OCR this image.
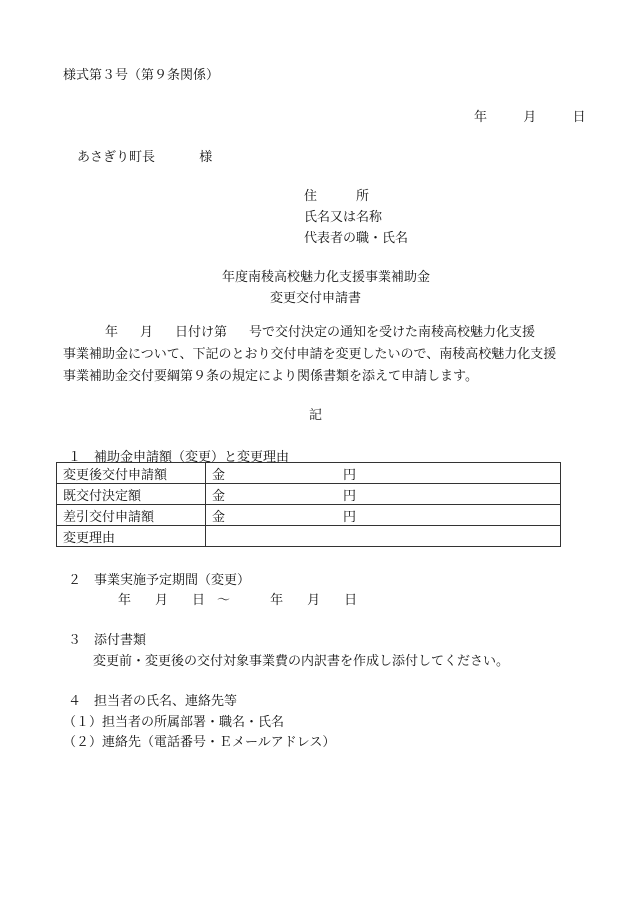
様式第３号（第９条関係）
年	月	日
あさぎり町長	様
住　　　所
氏名又は名称
代表者の職・氏名
年度南稜高校魅力化支援事業補助金
変更交付申請書
年 月 日付け第 号で交付決定の通知を受けた南稜高校魅力化支援
事業補助金について、下記のとおり交付申請を変更したいので、南稜高校魅力化支援
事業補助金交付要綱第９条の規定により関係書類を添えて申請します。
記
１　補助金申請額（変更）と変更理由
変更後交付申請額	金 円
既交付決定額	金 円
差引交付申請額	金 円
変更理由	
２　事業実施予定期間（変更）
年 月 日 ～	年 月 日
３　添付書類
変更前・変更後の交付対象事業費の内訳書を作成し添付してください。
４　担当者の氏名、連絡先等
（１）担当者の所属部署・職名・氏名
（２）連絡先（電話番号・Ｅメールアドレス）
